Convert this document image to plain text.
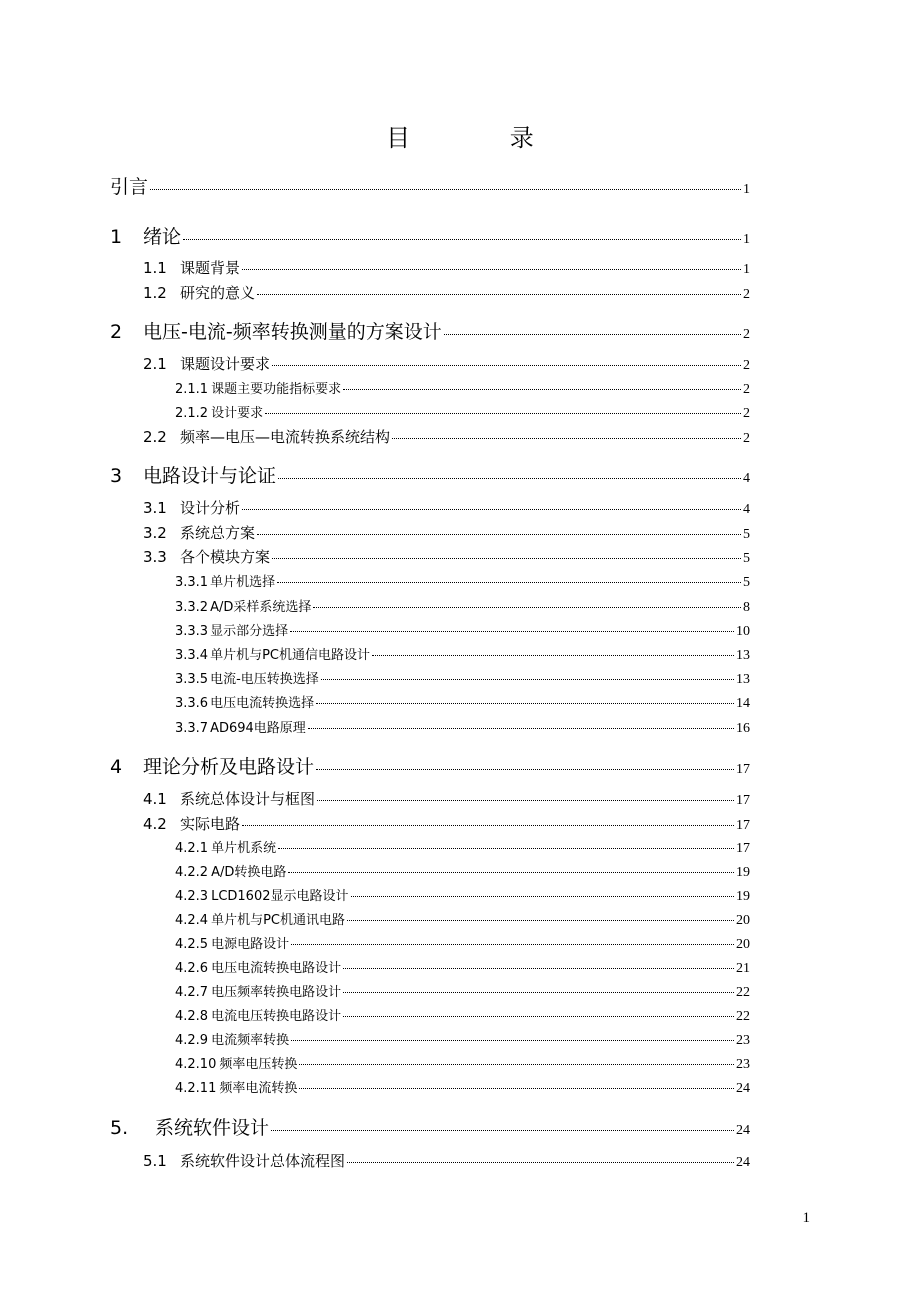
目 录
引言	1
1	绪论	1
1.1 课题背景	1
1.2 研究的意义	2
2	电压-电流-频率转换测量的方案设计	2
2.1 课题设计要求	2
2.1.1 课题主要功能指标要求	2
2.1.2 设计要求	2
2.2 频率—电压—电流转换系统结构	2
3	电路设计与论证	4
3.1 设计分析	4
3.2 系统总方案	5
3.3 各个模块方案	5
3.3.1 单片机选择	5
3.3.2 A/D采样系统选择	8
3.3.3 显示部分选择	10
3.3.4 单片机与PC机通信电路设计	13
3.3.5 电流-电压转换选择	13
3.3.6 电压电流转换选择	14
3.3.7 AD694电路原理	16
4	理论分析及电路设计	17
4.1 系统总体设计与框图	17
4.2 实际电路	17
4.2.1 单片机系统	17
4.2.2 A/D转换电路	19
4.2.3 LCD1602显示电路设计	19
4.2.4 单片机与PC机通讯电路	20
4.2.5 电源电路设计	20
4.2.6 电压电流转换电路设计	21
4.2.7 电压频率转换电路设计	22
4.2.8 电流电压转换电路设计	22
4.2.9 电流频率转换	23
4.2.10 频率电压转换	23
4.2.11 频率电流转换	24
5.	系统软件设计	24
5.1 系统软件设计总体流程图	24
1
